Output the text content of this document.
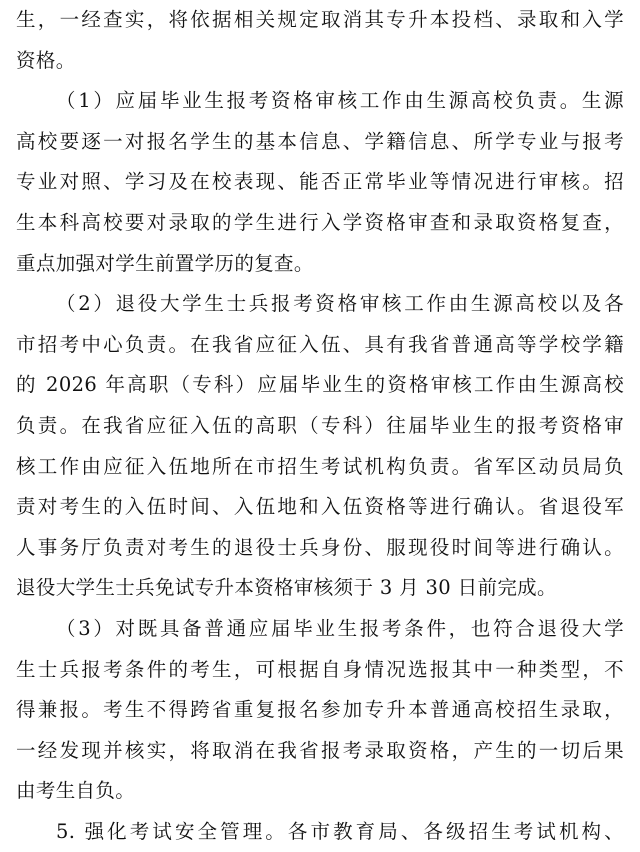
生，一经查实，将依据相关规定取消其专升本投档、录取和入学
资格。
（1）应届毕业生报考资格审核工作由生源高校负责。生源
高校要逐一对报名学生的基本信息、学籍信息、所学专业与报考
专业对照、学习及在校表现、能否正常毕业等情况进行审核。招
生本科高校要对录取的学生进行入学资格审查和录取资格复查，
重点加强对学生前置学历的复查。
（2）退役大学生士兵报考资格审核工作由生源高校以及各
市招考中心负责。在我省应征入伍、具有我省普通高等学校学籍
的 2026 年高职（专科）应届毕业生的资格审核工作由生源高校
负责。在我省应征入伍的高职（专科）往届毕业生的报考资格审
核工作由应征入伍地所在市招生考试机构负责。省军区动员局负
责对考生的入伍时间、入伍地和入伍资格等进行确认。省退役军
人事务厅负责对考生的退役士兵身份、服现役时间等进行确认。
退役大学生士兵免试专升本资格审核须于 3 月 30 日前完成。
（3）对既具备普通应届毕业生报考条件，也符合退役大学
生士兵报考条件的考生，可根据自身情况选报其中一种类型，不
得兼报。考生不得跨省重复报名参加专升本普通高校招生录取，
一经发现并核实，将取消在我省报考录取资格，产生的一切后果
由考生自负。
5. 强化考试安全管理。各市教育局、各级招生考试机构、
